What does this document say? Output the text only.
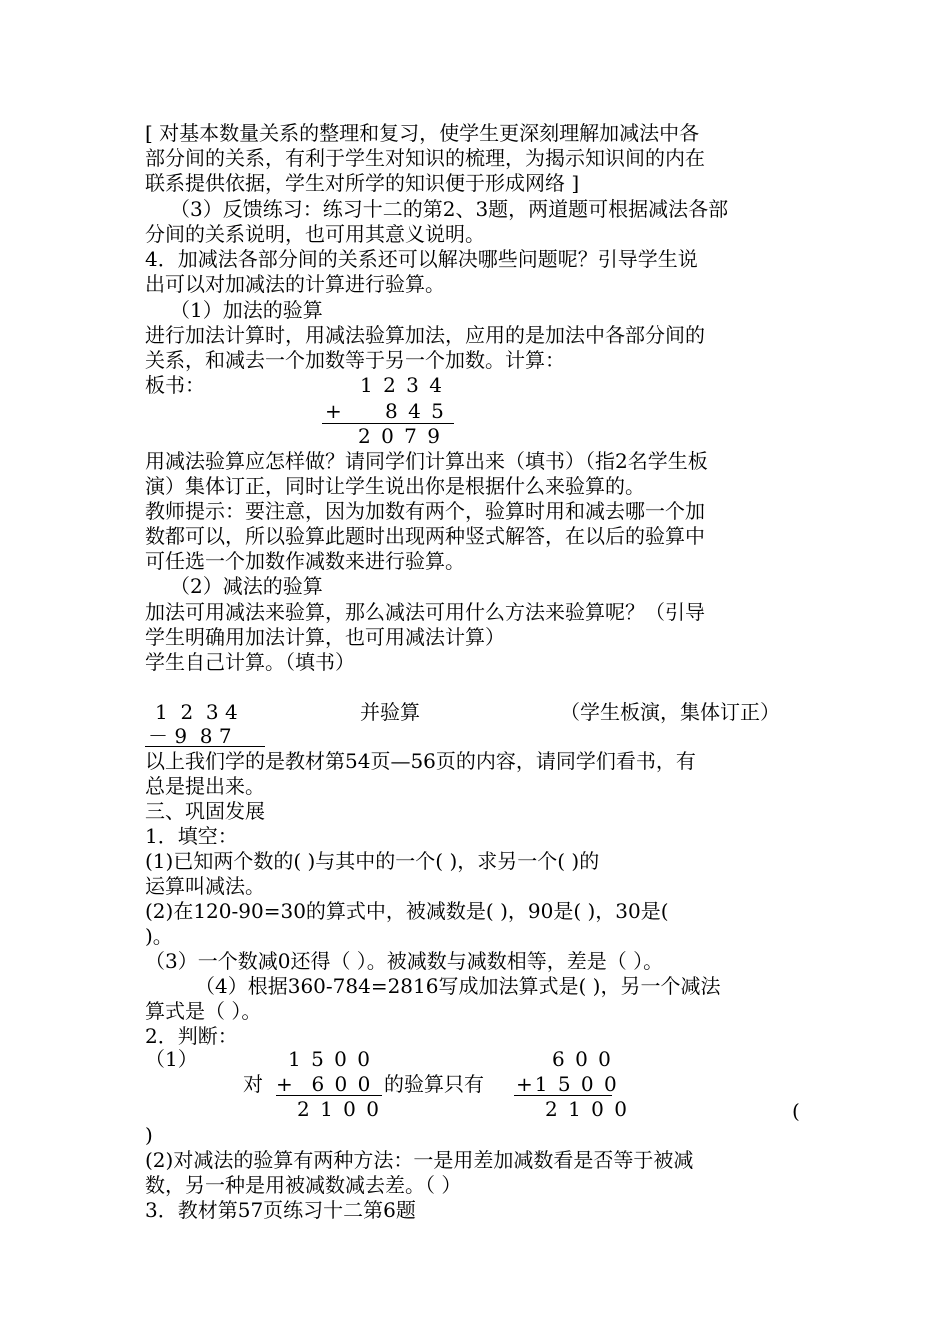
[ 对基本数量关系的整理和复习，使学生更深刻理解加减法中各
部分间的关系，有利于学生对知识的梳理，为揭示知识间的内在
联系提供依据，学生对所学的知识便于形成网络 ]
（3）反馈练习：练习十二的第2、3题，两道题可根据减法各部
分间的关系说明，也可用其意义说明。
4．加减法各部分间的关系还可以解决哪些问题呢？引导学生说
出可以对加减法的计算进行验算。
（1）加法的验算
进行加法计算时，用减法验算加法，应用的是加法中各部分间的
关系，和减去一个加数等于另一个加数。计算：
板书：	1 2 3 4
+ 8 4 5
2 0 7 9
用减法验算应怎样做？请同学们计算出来（填书）（指2名学生板
演）集体订正，同时让学生说出你是根据什么来验算的。
教师提示：要注意，因为加数有两个，验算时用和减去哪一个加
数都可以，所以验算此题时出现两种竖式解答，在以后的验算中
可任选一个加数作减数来进行验算。
（2）减法的验算
加法可用减法来验算，那么减法可用什么方法来验算呢？（引导
学生明确用加法计算，也可用减法计算）
学生自己计算。（填书）
1  2  3 4	并验算	（学生板演，集体订正）
－ 9  8 7
以上我们学的是教材第54页—56页的内容，请同学们看书，有
总是提出来。
三、巩固发展
1．填空：
(1)已知两个数的( )与其中的一个( )，求另一个( )的
运算叫减法。
(2)在120-90=30的算式中，被减数是( )，90是( )，30是(
)。
（3）一个数减0还得（ ）。被减数与减数相等，差是（ ）。
（4）根据360-784=2816写成加法算式是( )，另一个减法
算式是（ ）。
2．判断：
（1）	1 5 0 0
对 +  6 0 0 的验算只有
2 1 0 0
6 0 0
+1 5 0 0
2 1 0 0	(
)
(2)对减法的验算有两种方法：一是用差加减数看是否等于被减
数，另一种是用被减数减去差。（ ）
3．教材第57页练习十二第6题
